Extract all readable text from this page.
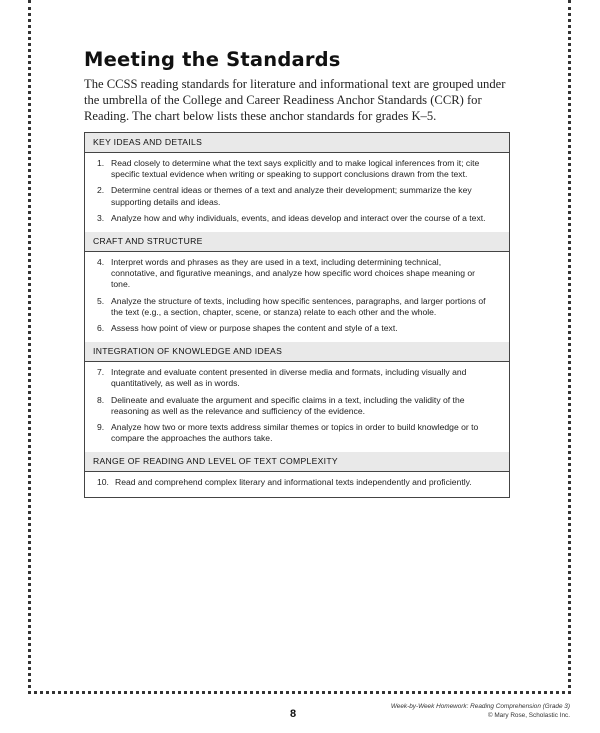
Meeting the Standards

The CCSS reading standards for literature and informational text are grouped under the umbrella of the College and Career Readiness Anchor Standards (CCR) for Reading. The chart below lists these anchor standards for grades K–5.

KEY IDEAS AND DETAILS
1. Read closely to determine what the text says explicitly and to make logical inferences from it; cite specific textual evidence when writing or speaking to support conclusions drawn from the text.
2. Determine central ideas or themes of a text and analyze their development; summarize the key supporting details and ideas.
3. Analyze how and why individuals, events, and ideas develop and interact over the course of a text.
CRAFT AND STRUCTURE
4. Interpret words and phrases as they are used in a text, including determining technical, connotative, and figurative meanings, and analyze how specific word choices shape meaning or tone.
5. Analyze the structure of texts, including how specific sentences, paragraphs, and larger portions of the text (e.g., a section, chapter, scene, or stanza) relate to each other and the whole.
6. Assess how point of view or purpose shapes the content and style of a text.
INTEGRATION OF KNOWLEDGE AND IDEAS
7. Integrate and evaluate content presented in diverse media and formats, including visually and quantitatively, as well as in words.
8. Delineate and evaluate the argument and specific claims in a text, including the validity of the reasoning as well as the relevance and sufficiency of the evidence.
9. Analyze how two or more texts address similar themes or topics in order to build knowledge or to compare the approaches the authors take.
RANGE OF READING AND LEVEL OF TEXT COMPLEXITY
10. Read and comprehend complex literary and informational texts independently and proficiently.
8
Week-by-Week Homework: Reading Comprehension (Grade 3)
© Mary Rose, Scholastic Inc.
